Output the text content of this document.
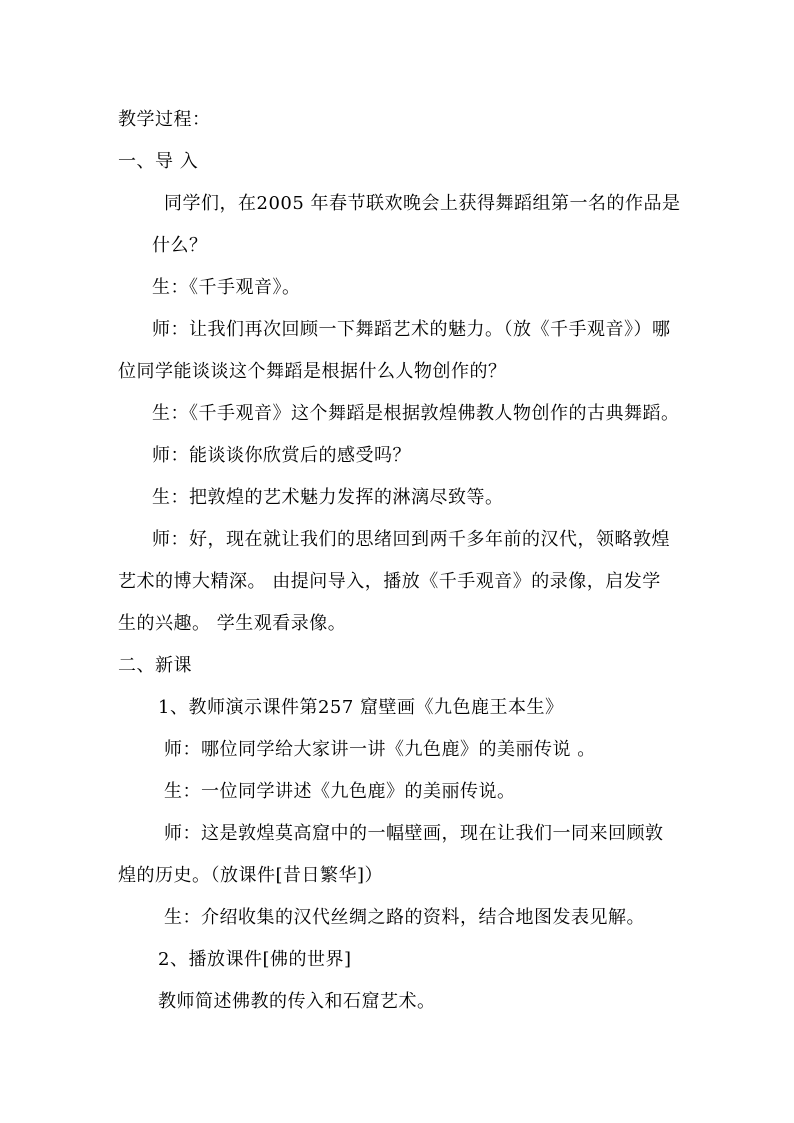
教学过程：
一、导 入
同学们，在2005 年春节联欢晚会上获得舞蹈组第一名的作品是
什么？
生：《千手观音》。
师：让我们再次回顾一下舞蹈艺术的魅力。（放《千手观音》）哪
位同学能谈谈这个舞蹈是根据什么人物创作的？
生：《千手观音》这个舞蹈是根据敦煌佛教人物创作的古典舞蹈。
师：能谈谈你欣赏后的感受吗？
生：把敦煌的艺术魅力发挥的淋漓尽致等。
师：好，现在就让我们的思绪回到两千多年前的汉代，领略敦煌
艺术的博大精深。 由提问导入，播放《千手观音》的录像，启发学
生的兴趣。 学生观看录像。
二、新课
1、教师演示课件第257 窟壁画《九色鹿王本生》
师：哪位同学给大家讲一讲《九色鹿》的美丽传说 。
生：一位同学讲述《九色鹿》的美丽传说。
师：这是敦煌莫高窟中的一幅壁画，现在让我们一同来回顾敦
煌的历史。（放课件[昔日繁华]）
生：介绍收集的汉代丝绸之路的资料，结合地图发表见解。
2、播放课件[佛的世界]
教师简述佛教的传入和石窟艺术。
